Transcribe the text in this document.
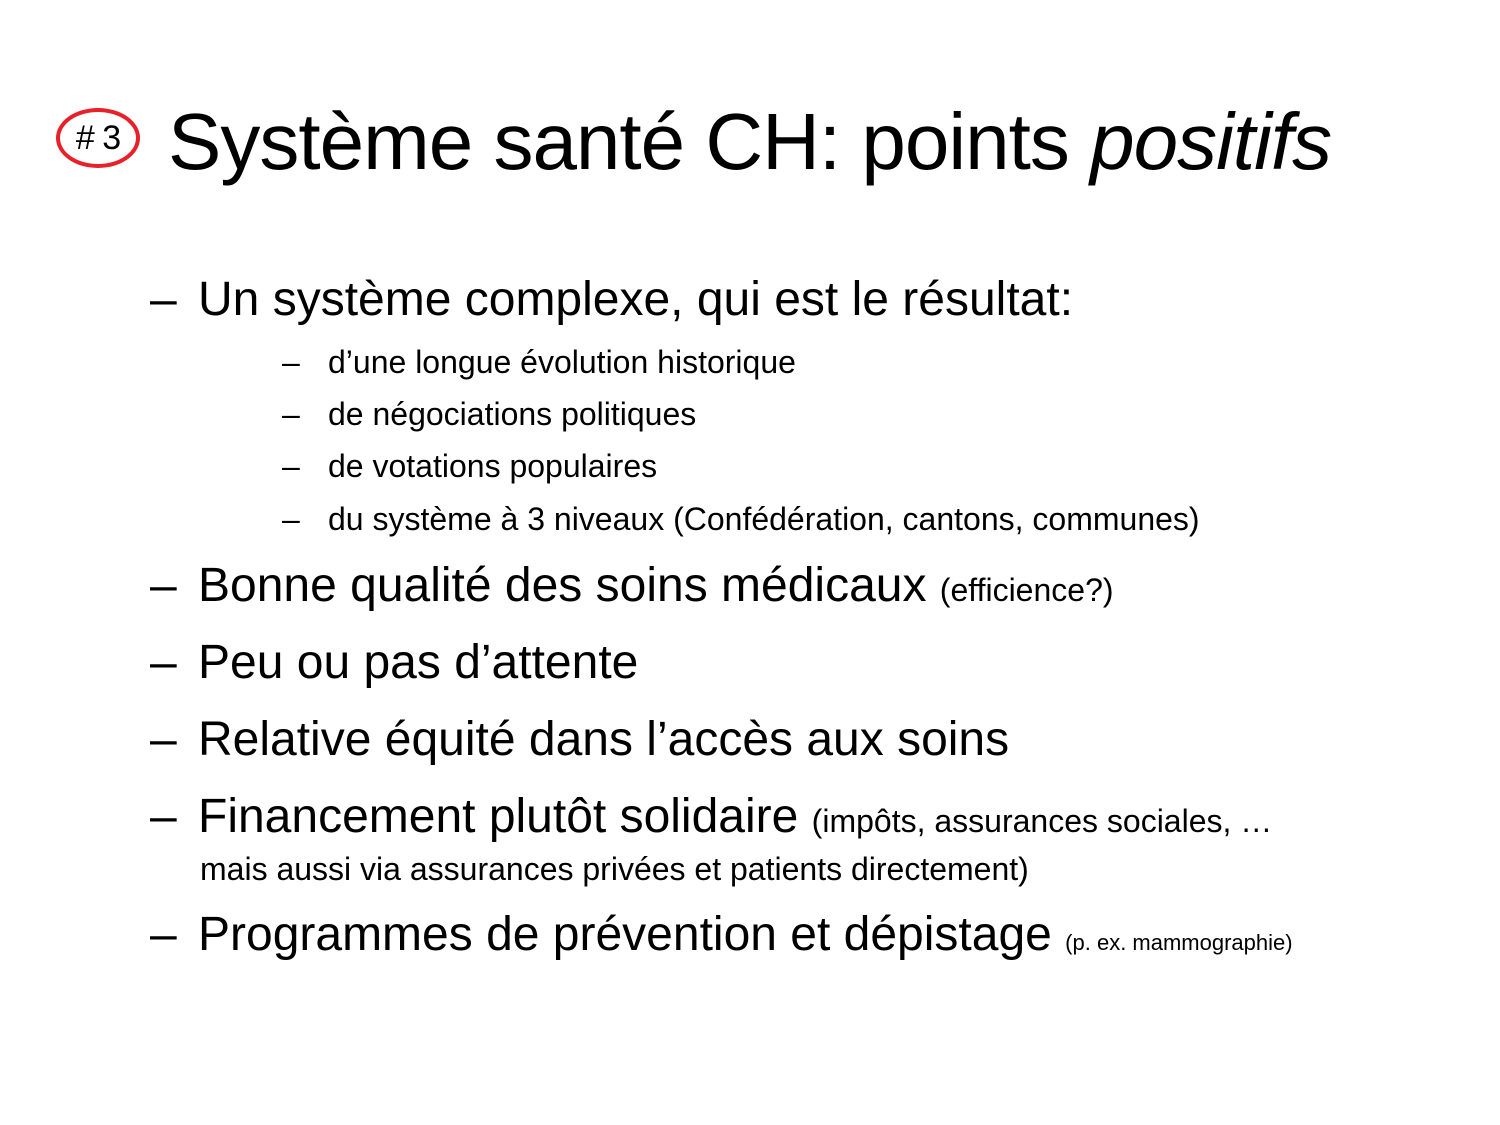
# 3 Système santé CH: points positifs
– Un système complexe, qui est le résultat:
– d’une longue évolution historique
– de négociations politiques
– de votations populaires
– du système à 3 niveaux (Confédération, cantons, communes)
– Bonne qualité des soins médicaux (efficience?)
– Peu ou pas d’attente
– Relative équité dans l’accès aux soins
– Financement plutôt solidaire (impôts, assurances sociales, …
mais aussi via assurances privées et patients directement)
– Programmes de prévention et dépistage (p. ex. mammographie)
